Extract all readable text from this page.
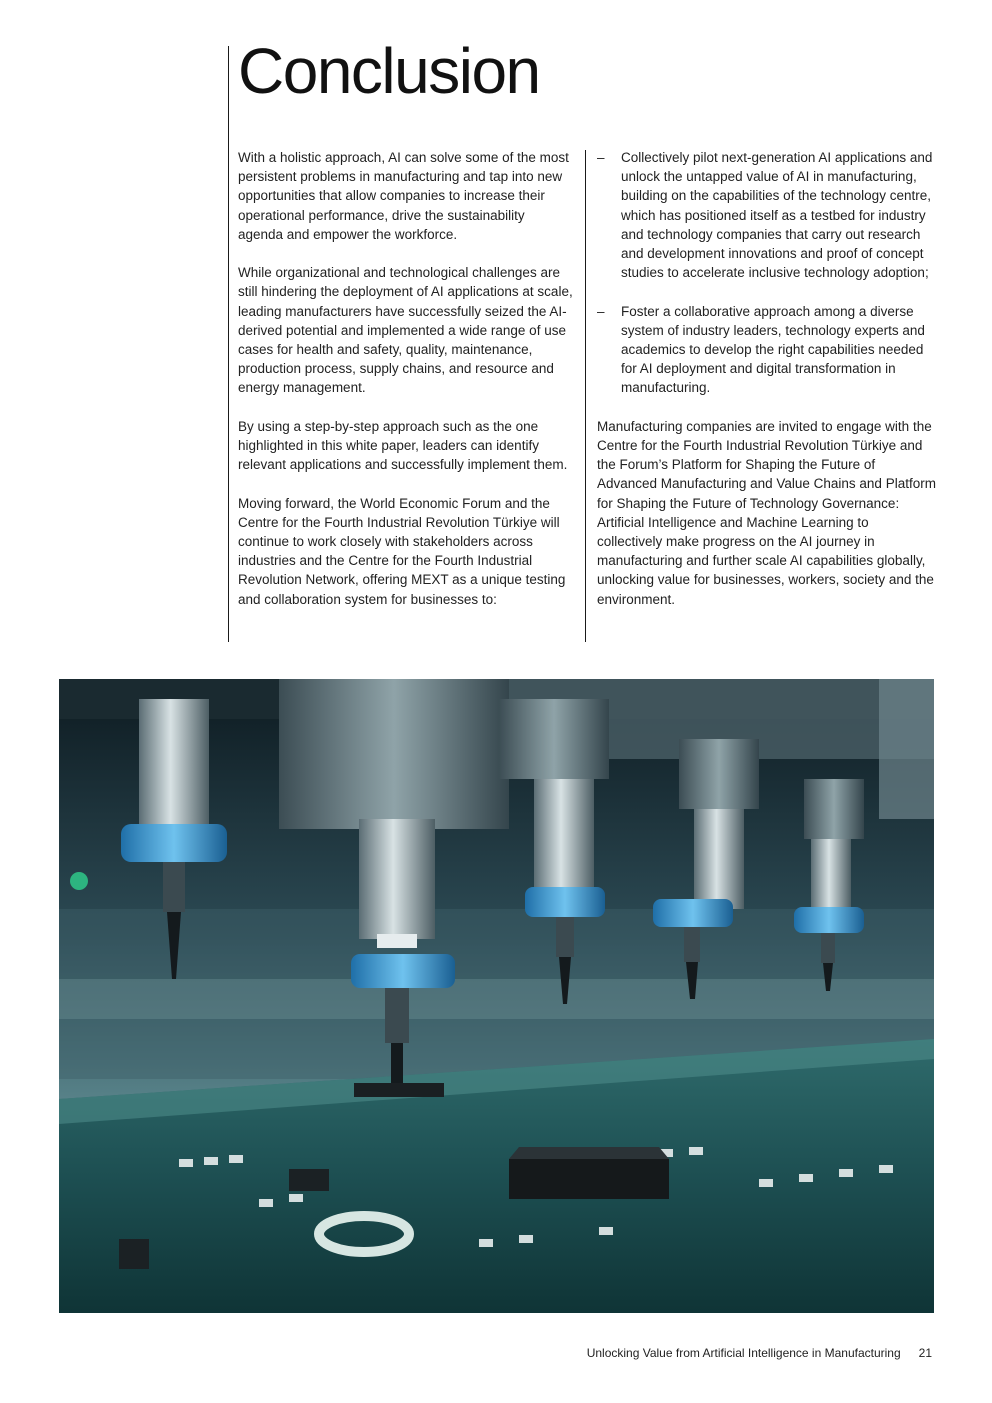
Conclusion

With a holistic approach, AI can solve some of the most persistent problems in manufacturing and tap into new opportunities that allow companies to increase their operational performance, drive the sustainability agenda and empower the workforce.

While organizational and technological challenges are still hindering the deployment of AI applications at scale, leading manufacturers have successfully seized the AI-derived potential and implemented a wide range of use cases for health and safety, quality, maintenance, production process, supply chains, and resource and energy management.

By using a step-by-step approach such as the one highlighted in this white paper, leaders can identify relevant applications and successfully implement them.

Moving forward, the World Economic Forum and the Centre for the Fourth Industrial Revolution Türkiye will continue to work closely with stakeholders across industries and the Centre for the Fourth Industrial Revolution Network, offering MEXT as a unique testing and collaboration system for businesses to:

– Collectively pilot next-generation AI applications and unlock the untapped value of AI in manufacturing, building on the capabilities of the technology centre, which has positioned itself as a testbed for industry and technology companies that carry out research and development innovations and proof of concept studies to accelerate inclusive technology adoption;
– Foster a collaborative approach among a diverse system of industry leaders, technology experts and academics to develop the right capabilities needed for AI deployment and digital transformation in manufacturing.

Manufacturing companies are invited to engage with the Centre for the Fourth Industrial Revolution Türkiye and the Forum’s Platform for Shaping the Future of Advanced Manufacturing and Value Chains and Platform for Shaping the Future of Technology Governance: Artificial Intelligence and Machine Learning to collectively make progress on the AI journey in manufacturing and further scale AI capabilities globally, unlocking value for businesses, workers, society and the environment.

Unlocking Value from Artificial Intelligence in Manufacturing 21
